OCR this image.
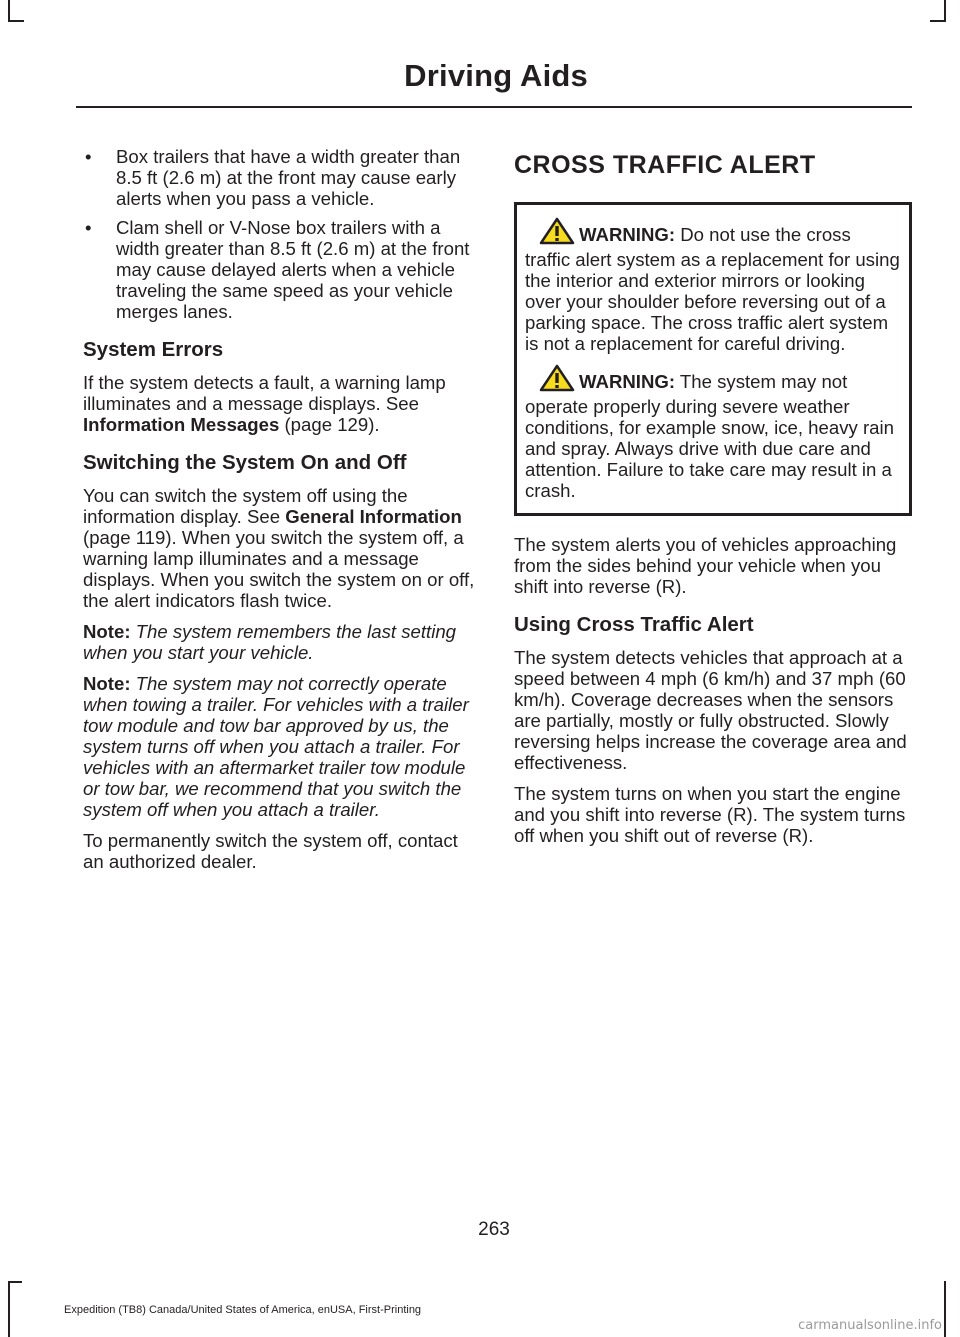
Driving Aids
• Box trailers that have a width greater than 8.5 ft (2.6 m) at the front may cause early alerts when you pass a vehicle.
• Clam shell or V-Nose box trailers with a width greater than 8.5 ft (2.6 m) at the front may cause delayed alerts when a vehicle traveling the same speed as your vehicle merges lanes.
System Errors

If the system detects a fault, a warning lamp illuminates and a message displays. See Information Messages (page 129).

Switching the System On and Off

You can switch the system off using the information display. See General Information (page 119). When you switch the system off, a warning lamp illuminates and a message displays. When you switch the system on or off, the alert indicators flash twice.

Note: The system remembers the last setting when you start your vehicle.

Note: The system may not correctly operate when towing a trailer. For vehicles with a trailer tow module and tow bar approved by us, the system turns off when you attach a trailer. For vehicles with an aftermarket trailer tow module or tow bar, we recommend that you switch the system off when you attach a trailer.

To permanently switch the system off, contact an authorized dealer.

CROSS TRAFFIC ALERT

WARNING: Do not use the cross traffic alert system as a replacement for using the interior and exterior mirrors or looking over your shoulder before reversing out of a parking space. The cross traffic alert system is not a replacement for careful driving.

WARNING: The system may not operate properly during severe weather conditions, for example snow, ice, heavy rain and spray. Always drive with due care and attention. Failure to take care may result in a crash.

The system alerts you of vehicles approaching from the sides behind your vehicle when you shift into reverse (R).

Using Cross Traffic Alert

The system detects vehicles that approach at a speed between 4 mph (6 km/h) and 37 mph (60 km/h). Coverage decreases when the sensors are partially, mostly or fully obstructed. Slowly reversing helps increase the coverage area and effectiveness.

The system turns on when you start the engine and you shift into reverse (R). The system turns off when you shift out of reverse (R).

263
Expedition (TB8) Canada/United States of America, enUSA, First-Printing
carmanualsonline.info
